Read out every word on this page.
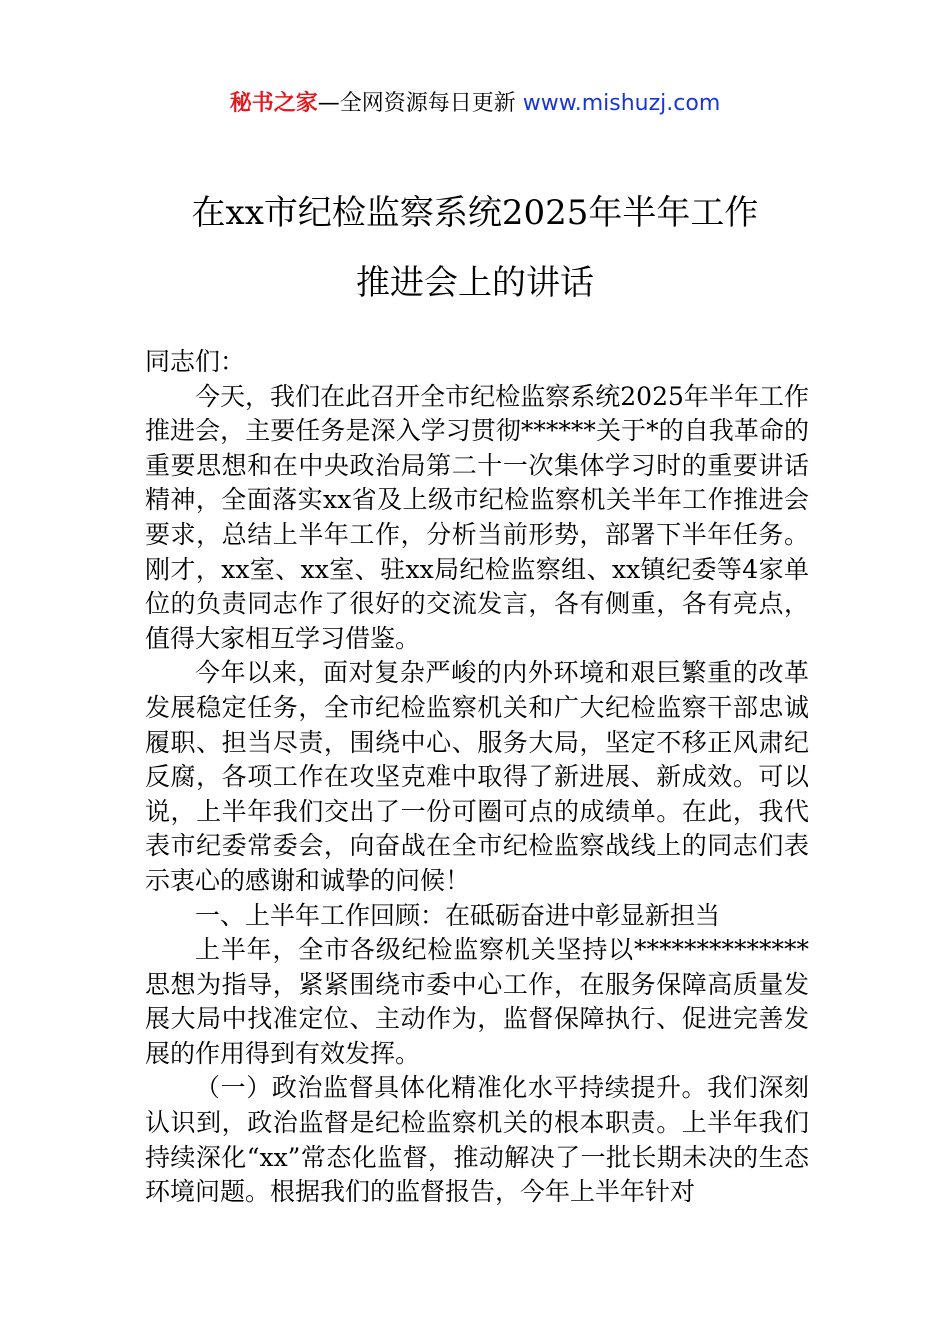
秘书之家—全网资源每日更新 www.mishuzj.com
在xx市纪检监察系统2025年半年工作
推进会上的讲话

同志们：

今天，我们在此召开全市纪检监察系统2025年半年工作推进会，主要任务是深入学习贯彻******关于*的自我革命的重要思想和在中央政治局第二十一次集体学习时的重要讲话精神，全面落实xx省及上级市纪检监察机关半年工作推进会要求，总结上半年工作，分析当前形势，部署下半年任务。刚才，xx室、xx室、驻xx局纪检监察组、xx镇纪委等4家单位的负责同志作了很好的交流发言，各有侧重，各有亮点，值得大家相互学习借鉴。

今年以来，面对复杂严峻的内外环境和艰巨繁重的改革发展稳定任务，全市纪检监察机关和广大纪检监察干部忠诚履职、担当尽责，围绕中心、服务大局，坚定不移正风肃纪反腐，各项工作在攻坚克难中取得了新进展、新成效。可以说，上半年我们交出了一份可圈可点的成绩单。在此，我代表市纪委常委会，向奋战在全市纪检监察战线上的同志们表示衷心的感谢和诚挚的问候！

一、上半年工作回顾：在砥砺奋进中彰显新担当

上半年，全市各级纪检监察机关坚持以**************思想为指导，紧紧围绕市委中心工作，在服务保障高质量发展大局中找准定位、主动作为，监督保障执行、促进完善发展的作用得到有效发挥。

（一）政治监督具体化精准化水平持续提升。我们深刻认识到，政治监督是纪检监察机关的根本职责。上半年我们持续深化“xx”常态化监督，推动解决了一批长期未决的生态环境问题。根据我们的监督报告，今年上半年针对
